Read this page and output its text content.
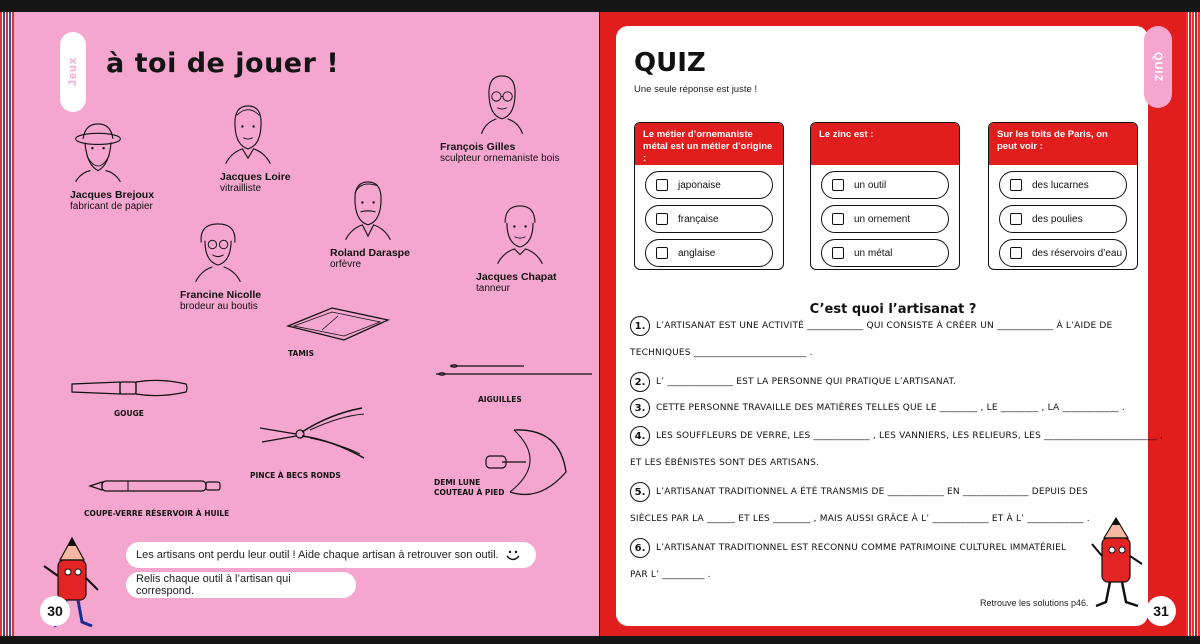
Jeux à toi de jouer !
Jacques Brejoux
fabricant de papier
Jacques Loire
vitrailliste
François Gilles
sculpteur ornemaniste bois
Roland Daraspe
orfèvre
Francine Nicolle
brodeur au boutis
Jacques Chapat
tanneur
TAMIS
AIGUILLES
GOUGE
PINCE À BECS RONDS
DEMI LUNE
COUTEAU À PIED
COUPE-VERRE RÉSERVOIR À HUILE
Les artisans ont perdu leur outil ! Aide chaque artisan à retrouver son outil.
Relis chaque outil à l’artisan qui correspond.
30
QUIZ
QUIZ
Une seule réponse est juste !
Le métier d’ornemaniste métal est un métier d’origine :
japonaise
française
anglaise
Le zinc est :
un outil
un ornement
un métal
Sur les toits de Paris, on peut voir :
des lucarnes
des poulies
des réservoirs d’eau
C’est quoi l’artisanat ?
1.	L’ARTISANAT EST UNE ACTIVITÉ ____________ QUI CONSISTE À CRÉER UN ____________ À L’AIDE DE
TECHNIQUES ________________________ .
2.	L’ ______________ EST LA PERSONNE QUI PRATIQUE L’ARTISANAT.
3.	CETTE PERSONNE TRAVAILLE DES MATIÈRES TELLES QUE LE ________ , LE ________ , LA ____________ .
4.	LES SOUFFLEURS DE VERRE, LES ____________ , LES VANNIERS, LES RELIEURS, LES ________________________ ,
ET LES ÉBÉNISTES SONT DES ARTISANS.
5.	L’ARTISANAT TRADITIONNEL A ÉTÉ TRANSMIS DE ____________ EN ______________ DEPUIS DES
SIÈCLES PAR LA ______ ET LES ________ , MAIS AUSSI GRÂCE À L’ ____________ ET À L’ ____________ .
6.	L’ARTISANAT TRADITIONNEL EST RECONNU COMME PATRIMOINE CULTUREL IMMATÉRIEL
PAR L’ _________ .
Retrouve les solutions p46.	31
